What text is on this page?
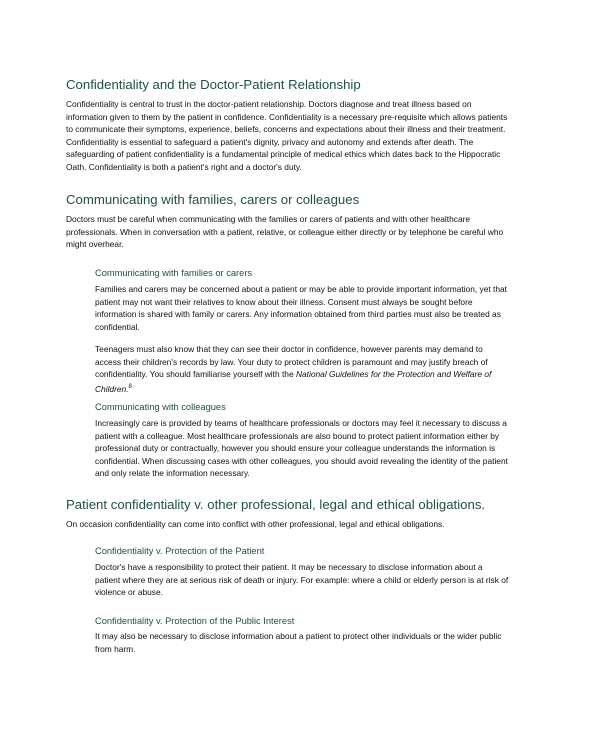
Confidentiality and the Doctor-Patient Relationship

Confidentiality is central to trust in the doctor-patient relationship. Doctors diagnose and treat illness based on
information given to them by the patient in confidence. Confidentiality is a necessary pre-requisite which allows patients
to communicate their symptoms, experience, beliefs, concerns and expectations about their illness and their treatment.
Confidentiality is essential to safeguard a patient's dignity, privacy and autonomy and extends after death. The
safeguarding of patient confidentiality is a fundamental principle of medical ethics which dates back to the Hippocratic
Oath. Confidentiality is both a patient's right and a doctor's duty.

Communicating with families, carers or colleagues

Doctors must be careful when communicating with the families or carers of patients and with other healthcare
professionals. When in conversation with a patient, relative, or colleague either directly or by telephone be careful who
might overhear.

Communicating with families or carers

Families and carers may be concerned about a patient or may be able to provide important information, yet that
patient may not want their relatives to know about their illness. Consent must always be sought before
information is shared with family or carers. Any information obtained from third parties must also be treated as
confidential.

Teenagers must also know that they can see their doctor in confidence, however parents may demand to
access their children's records by law. Your duty to protect children is paramount and may justify breach of
confidentiality. You should familiarise yourself with the National Guidelines for the Protection and Welfare of
Children.$^8$

Communicating with colleagues

Increasingly care is provided by teams of healthcare professionals or doctors may feel it necessary to discuss a
patient with a colleague. Most healthcare professionals are also bound to protect patient information either by
professional duty or contractually, however you should ensure your colleague understands the information is
confidential. When discussing cases with other colleagues, you should avoid revealing the identity of the patient
and only relate the information necessary.

Patient confidentiality v. other professional, legal and ethical obligations.

On occasion confidentiality can come into conflict with other professional, legal and ethical obligations.

Confidentiality v. Protection of the Patient

Doctor's have a responsibility to protect their patient. It may be necessary to disclose information about a
patient where they are at serious risk of death or injury. For example: where a child or elderly person is at risk of
violence or abuse.

Confidentiality v. Protection of the Public Interest

It may also be necessary to disclose information about a patient to protect other individuals or the wider public
from harm.
